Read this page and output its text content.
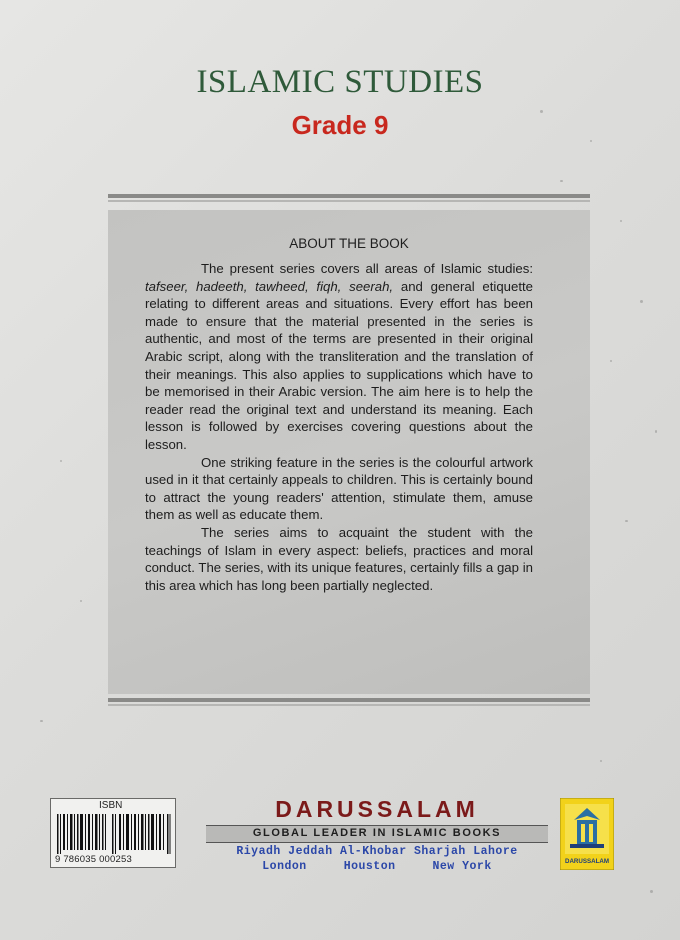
ISLAMIC STUDIES
Grade 9
ABOUT THE BOOK

The present series covers all areas of Islamic studies: tafseer, hadeeth, tawheed, fiqh, seerah, and general etiquette relating to different areas and situations. Every effort has been made to ensure that the material presented in the series is authentic, and most of the terms are presented in their original Arabic script, along with the transliteration and the translation of their meanings. This also applies to supplications which have to be memorised in their Arabic version. The aim here is to help the reader read the original text and understand its meaning. Each lesson is followed by exercises covering questions about the lesson.

One striking feature in the series is the colourful artwork used in it that certainly appeals to children. This is certainly bound to attract the young readers' attention, stimulate them, amuse them as well as educate them.

The series aims to acquaint the student with the teachings of Islam in every aspect: beliefs, practices and moral conduct. The series, with its unique features, certainly fills a gap in this area which has long been partially neglected.

ISBN
9 786035 000253
DARUSSALAM
GLOBAL LEADER IN ISLAMIC BOOKS
Riyadh Jeddah Al-Khobar Sharjah Lahore
London     Houston     New York	DARUSSALAM
